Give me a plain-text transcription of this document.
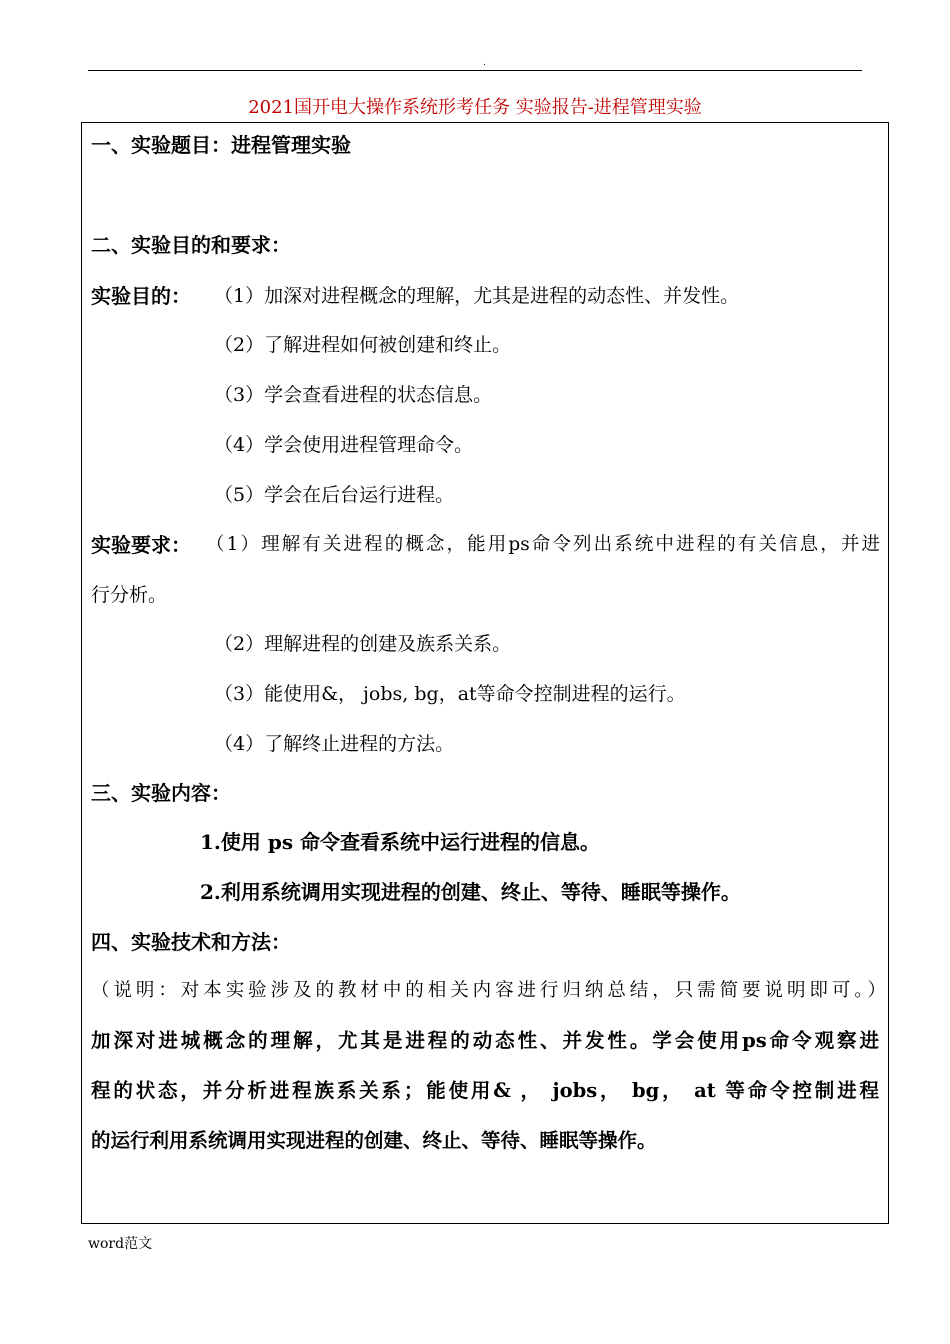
.
2021国开电大操作系统形考任务 实验报告-进程管理实验
一、实验题目：进程管理实验
二、实验目的和要求：
实验目的： （1）加深对进程概念的理解，尤其是进程的动态性、并发性。
（2）了解进程如何被创建和终止。
（3）学会查看进程的状态信息。
（4）学会使用进程管理命令。
（5）学会在后台运行进程。
实验要求： （1）理解有关进程的概念，能用ps命令列出系统中进程的有关信息，并进
行分析。
（2）理解进程的创建及族系关系。
（3）能使用&， jobs, bg，at等命令控制进程的运行。
（4）了解终止进程的方法。
三、实验内容：
1.使用 ps 命令查看系统中运行进程的信息。
2.利用系统调用实现进程的创建、终止、等待、睡眠等操作。
四、实验技术和方法：
（说明：对本实验涉及的教材中的相关内容进行归纳总结，只需简要说明即可。）
加深对进城概念的理解，尤其是进程的动态性、并发性。学会使用ps命令观察进
程的状态，并分析进程族系关系；能使用& ， jobs， bg， at 等命令控制进程
的运行利用系统调用实现进程的创建、终止、等待、睡眠等操作。
word范文
